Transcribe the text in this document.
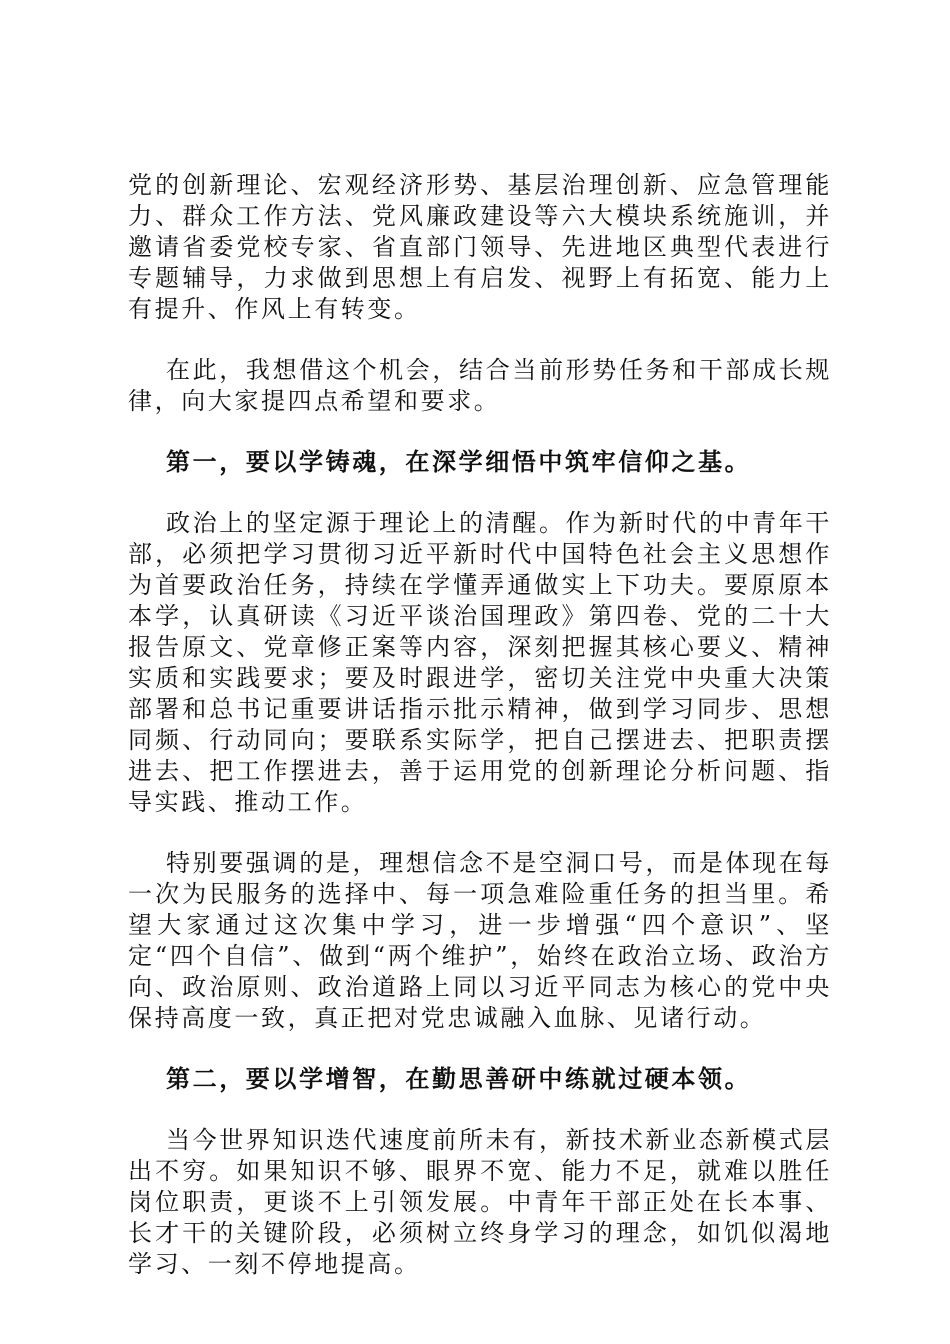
党的创新理论、宏观经济形势、基层治理创新、应急管理能力、群众工作方法、党风廉政建设等六大模块系统施训，并邀请省委党校专家、省直部门领导、先进地区典型代表进行专题辅导，力求做到思想上有启发、视野上有拓宽、能力上有提升、作风上有转变。

在此，我想借这个机会，结合当前形势任务和干部成长规律，向大家提四点希望和要求。

第一，要以学铸魂，在深学细悟中筑牢信仰之基。

政治上的坚定源于理论上的清醒。作为新时代的中青年干部，必须把学习贯彻习近平新时代中国特色社会主义思想作为首要政治任务，持续在学懂弄通做实上下功夫。要原原本本学，认真研读《习近平谈治国理政》第四卷、党的二十大报告原文、党章修正案等内容，深刻把握其核心要义、精神实质和实践要求；要及时跟进学，密切关注党中央重大决策部署和总书记重要讲话指示批示精神，做到学习同步、思想同频、行动同向；要联系实际学，把自己摆进去、把职责摆进去、把工作摆进去，善于运用党的创新理论分析问题、指导实践、推动工作。

特别要强调的是，理想信念不是空洞口号，而是体现在每一次为民服务的选择中、每一项急难险重任务的担当里。希望大家通过这次集中学习，进一步增强“四个意识”、坚定“四个自信”、做到“两个维护”，始终在政治立场、政治方向、政治原则、政治道路上同以习近平同志为核心的党中央保持高度一致，真正把对党忠诚融入血脉、见诸行动。

第二，要以学增智，在勤思善研中练就过硬本领。

当今世界知识迭代速度前所未有，新技术新业态新模式层出不穷。如果知识不够、眼界不宽、能力不足，就难以胜任岗位职责，更谈不上引领发展。中青年干部正处在长本事、长才干的关键阶段，必须树立终身学习的理念，如饥似渴地学习、一刻不停地提高。
